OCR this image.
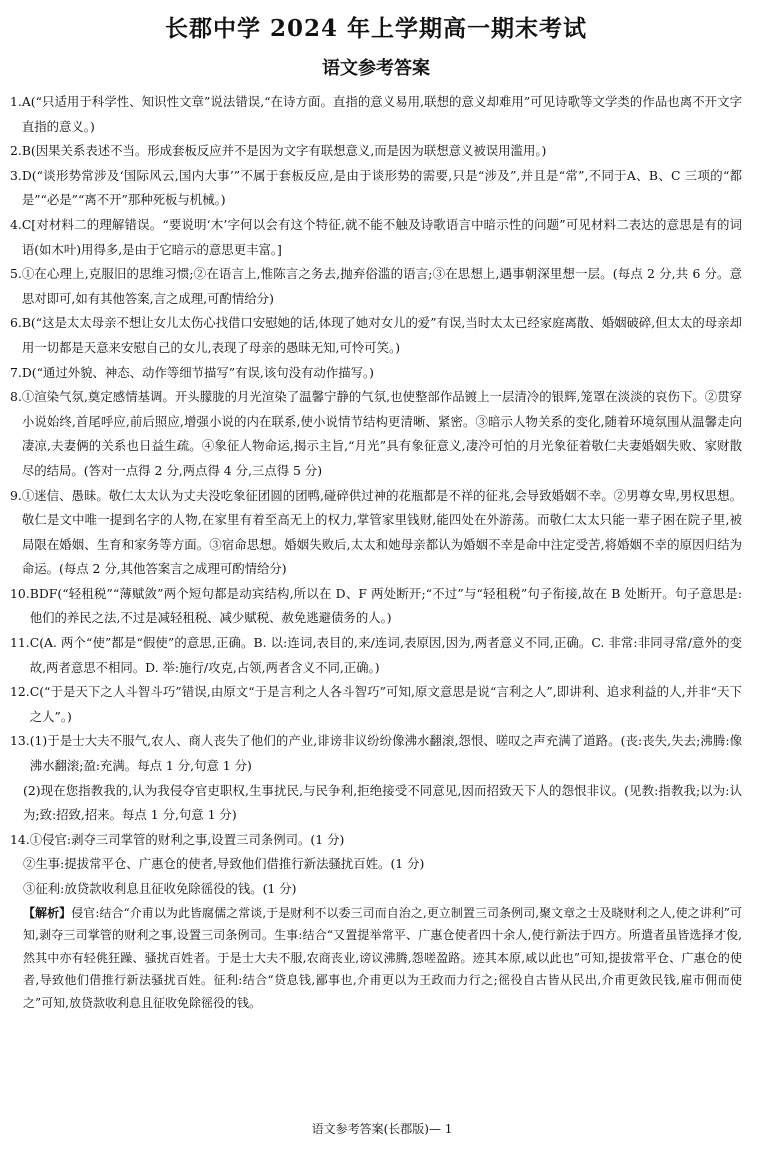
长郡中学 2024 年上学期高一期末考试
语文参考答案
1. A(“只适用于科学性、知识性文章”说法错误,“在诗方面。直指的意义易用,联想的意义却难用”可见诗歌等文学类的作品也离不开文字直指的意义。)
2. B(因果关系表述不当。形成套板反应并不是因为文字有联想意义,而是因为联想意义被误用滥用。)
3. D(“谈形势常涉及‘国际风云,国内大事’”不属于套板反应,是由于谈形势的需要,只是“涉及”,并且是“常”,不同于A、B、C 三项的“都是”“必是”“离不开”那种死板与机械。)
4. C[对材料二的理解错误。“要说明‘木’字何以会有这个特征,就不能不触及诗歌语言中暗示性的问题”可见材料二表达的意思是有的词语(如木叶)用得多,是由于它暗示的意思更丰富。]
5. ①在心理上,克服旧的思维习惯;②在语言上,惟陈言之务去,抛弃俗滥的语言;③在思想上,遇事朝深里想一层。(每点 2 分,共 6 分。意思对即可,如有其他答案,言之成理,可酌情给分)
6. B(“这是太太母亲不想让女儿太伤心找借口安慰她的话,体现了她对女儿的爱”有误,当时太太已经家庭离散、婚姻破碎,但太太的母亲却用一切都是天意来安慰自己的女儿,表现了母亲的愚昧无知,可怜可笑。)
7. D(“通过外貌、神态、动作等细节描写”有误,该句没有动作描写。)
8. ①渲染气氛,奠定感情基调。开头朦胧的月光渲染了温馨宁静的气氛,也使整部作品镀上一层清冷的银辉,笼罩在淡淡的哀伤下。②贯穿小说始终,首尾呼应,前后照应,增强小说的内在联系,使小说情节结构更清晰、紧密。③暗示人物关系的变化,随着环境氛围从温馨走向凄凉,夫妻俩的关系也日益生疏。④象征人物命运,揭示主旨,“月光”具有象征意义,凄冷可怕的月光象征着敬仁夫妻婚姻失败、家财散尽的结局。(答对一点得 2 分,两点得 4 分,三点得 5 分)
9. ①迷信、愚昧。敬仁太太认为丈夫没吃象征团圆的团鸭,碰碎供过神的花瓶都是不祥的征兆,会导致婚姻不幸。②男尊女卑,男权思想。敬仁是文中唯一提到名字的人物,在家里有着至高无上的权力,掌管家里钱财,能四处在外游荡。而敬仁太太只能一辈子困在院子里,被局限在婚姻、生育和家务等方面。③宿命思想。婚姻失败后,太太和她母亲都认为婚姻不幸是命中注定受苦,将婚姻不幸的原因归结为命运。(每点 2 分,其他答案言之成理可酌情给分)
10. BDF(“轻租税”“薄赋敛”两个短句都是动宾结构,所以在 D、F 两处断开;“不过”与“轻租税”句子衔接,故在 B 处断开。句子意思是:他们的养民之法,不过是减轻租税、减少赋税、赦免逃避债务的人。)
11. C(A. 两个“使”都是“假使”的意思,正确。B. 以:连词,表目的,来/连词,表原因,因为,两者意义不同,正确。C. 非常:非同寻常/意外的变故,两者意思不相同。D. 举:施行/攻克,占领,两者含义不同,正确。)
12. C(“于是天下之人斗智斗巧”错误,由原文“于是言利之人各斗智巧”可知,原文意思是说“言利之人”,即讲利、追求利益的人,并非“天下之人”。)
13. (1)于是士大夫不服气,农人、商人丧失了他们的产业,诽谤非议纷纷像沸水翻滚,怨恨、嗟叹之声充满了道路。(丧:丧失,失去;沸腾:像沸水翻滚;盈:充满。每点 1 分,句意 1 分)
(2)现在您指教我的,认为我侵夺官吏职权,生事扰民,与民争利,拒绝接受不同意见,因而招致天下人的怨恨非议。(见教:指教我;以为:认为;致:招致,招来。每点 1 分,句意 1 分)
14. ①侵官:剥夺三司掌管的财利之事,设置三司条例司。(1 分)
②生事:提拔常平仓、广惠仓的使者,导致他们借推行新法骚扰百姓。(1 分)
③征利:放贷款收利息且征收免除徭役的钱。(1 分)
【解析】侵官:结合“介甫以为此皆腐儒之常谈,于是财利不以委三司而自治之,更立制置三司条例司,聚文章之士及晓财利之人,使之讲利”可知,剥夺三司掌管的财利之事,设置三司条例司。生事:结合“又置提举常平、广惠仓使者四十余人,使行新法于四方。所遣者虽皆选择才俊,然其中亦有轻佻狂躁、骚扰百姓者。于是士大夫不服,农商丧业,谤议沸腾,怨嗟盈路。迹其本原,咸以此也”可知,提拔常平仓、广惠仓的使者,导致他们借推行新法骚扰百姓。征利:结合“贷息钱,鄙事也,介甫更以为王政而力行之;徭役自古皆从民出,介甫更敛民钱,雇市佣而使之”可知,放贷款收利息且征收免除徭役的钱。
语文参考答案(长郡版)— 1
